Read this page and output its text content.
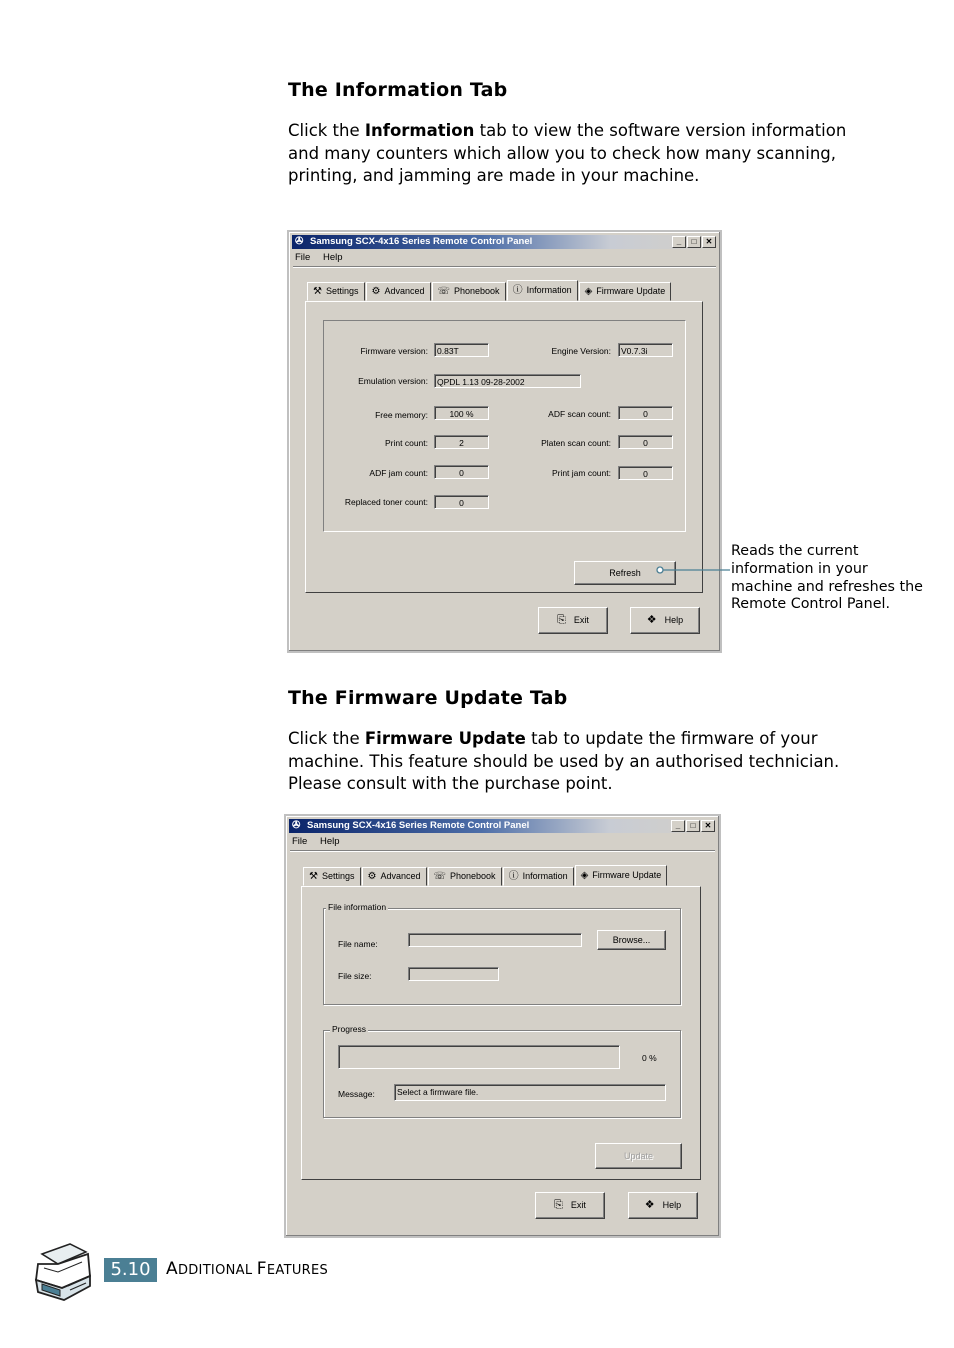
The Information Tab

Click the Information tab to view the software version information and many counters which allow you to check how many scanning, printing, and jamming are made in your machine.

✇ Samsung SCX-4x16 Series Remote Control Panel	_	□	✕
File Help
⚒ Settings	⚙ Advanced	☏ Phonebook	ⓘ Information	◈ Firmware Update
Firmware version:	0.83T	Engine Version:	V0.7.3i
Emulation version:	QPDL 1.13 09-28-2002
Free memory:	100 %	ADF scan count:	0
Print count:	2	Platen scan count:	0
ADF jam count:	0	Print jam count:	0
Replaced toner count:	0
Refresh
⎘ Exit	❖ Help
Reads the current information in your machine and refreshes the Remote Control Panel.
The Firmware Update Tab

Click the Firmware Update tab to update the firmware of your machine. This feature should be used by an authorised technician. Please consult with the purchase point.

✇ Samsung SCX-4x16 Series Remote Control Panel	_	□	✕
File Help
⚒ Settings	⚙ Advanced	☏ Phonebook	ⓘ Information	◈ Firmware Update
File information
File name:	Browse...
File size:
Progress
0 %
Message:	Select a firmware file.
Update
⎘ Exit	❖ Help
5.10 ADDITIONAL FEATURES
